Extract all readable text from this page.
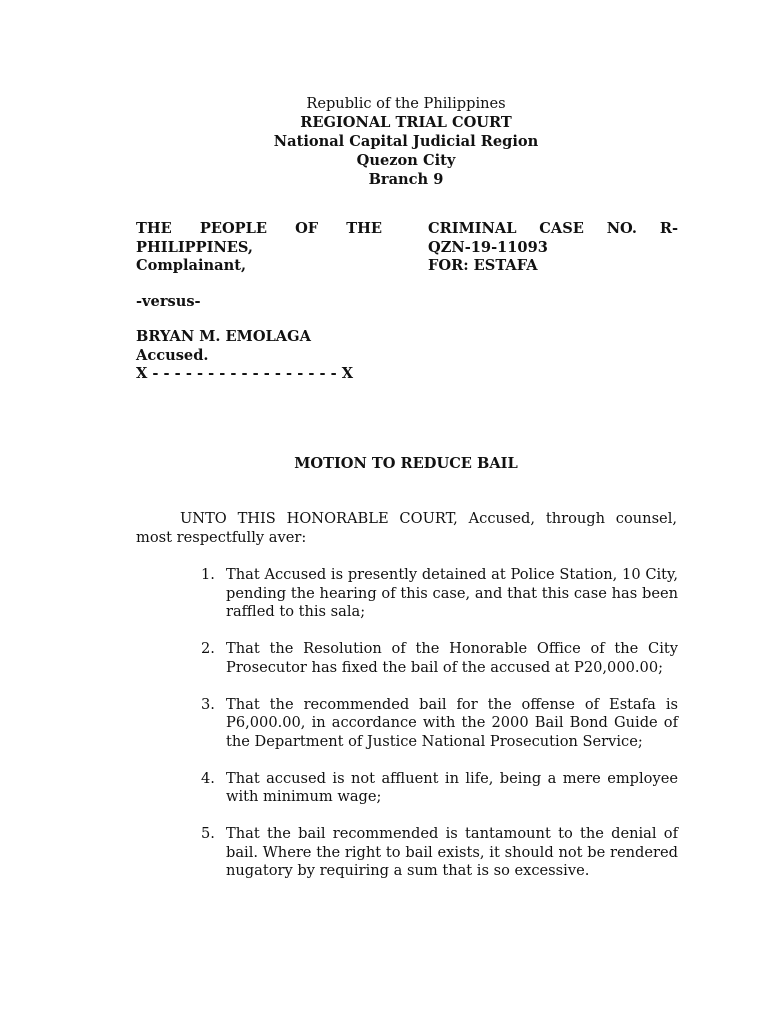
Republic of the Philippines
REGIONAL TRIAL COURT
National Capital Judicial Region
Quezon City
Branch 9
THE PEOPLE OF THE
PHILIPPINES,
Complainant,
CRIMINAL CASE NO. R-
QZN-19-11093
FOR: ESTAFA
-versus-
BRYAN M. EMOLAGA
Accused.
X - - - - - - - - - - - - - - - - - X
MOTION TO REDUCE BAIL
UNTO THIS HONORABLE COURT, Accused, through counsel, most respectfully aver:
1. That Accused is presently detained at Police Station, 10 City, pending the hearing of this case, and that this case has been raffled to this sala;
2. That the Resolution of the Honorable Office of the City Prosecutor has fixed the bail of the accused at P20,000.00;
3. That the recommended bail for the offense of Estafa is P6,000.00, in accordance with the 2000 Bail Bond Guide of the Department of Justice National Prosecution Service;
4. That accused is not affluent in life, being a mere employee with minimum wage;
5. That the bail recommended is tantamount to the denial of bail. Where the right to bail exists, it should not be rendered nugatory by requiring a sum that is so excessive.
